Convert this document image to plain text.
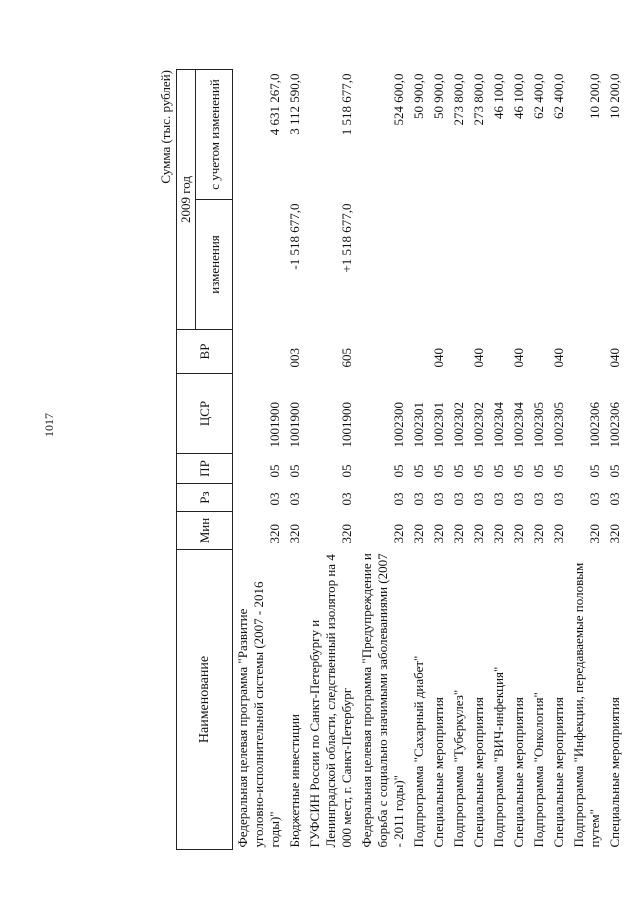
1017
Сумма (тыс. рублей)
Наименование	Мин	Рз	ПР	ЦСР	ВР	2009 год	
						изменения	с учетом изменений
Федеральная целевая программа "Развитие уголовно-исполнительной системы (2007 - 2016 годы)"	320	03	05	1001900			4 631 267,0
Бюджетные инвестиции	320	03	05	1001900	003	-1 518 677,0	3 112 590,0
ГУФСИН России по Санкт-Петербургу и Ленинградской области, следственный изолятор на 4 000 мест, г. Санкт-Петербург	320	03	05	1001900	605	+1 518 677,0	1 518 677,0
Федеральная целевая программа "Предупреждение и борьба с социально значимыми заболеваниями (2007 - 2011 годы)"	320	03	05	1002300			524 600,0
Подпрограмма "Сахарный диабет"	320	03	05	1002301			50 900,0
Специальные мероприятия	320	03	05	1002301	040		50 900,0
Подпрограмма "Туберкулез"	320	03	05	1002302			273 800,0
Специальные мероприятия	320	03	05	1002302	040		273 800,0
Подпрограмма "ВИЧ-инфекция"	320	03	05	1002304			46 100,0
Специальные мероприятия	320	03	05	1002304	040		46 100,0
Подпрограмма "Онкология"	320	03	05	1002305			62 400,0
Специальные мероприятия	320	03	05	1002305	040		62 400,0
Подпрограмма "Инфекции, передаваемые половым путем"	320	03	05	1002306			10 200,0
Специальные мероприятия	320	03	05	1002306	040		10 200,0
